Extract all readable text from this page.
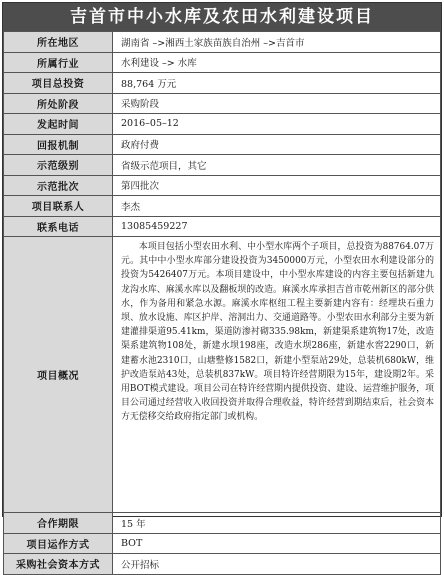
吉首市中小水库及农田水利建设项目
所在地区	湖南省 –>湘西土家族苗族自治州 –>吉首市
所属行业	水利建设 –> 水库
项目总投资	88,764 万元
所处阶段	采购阶段
发起时间	2016–05–12
回报机制	政府付费
示范级别	省级示范项目，其它
示范批次	第四批次
项目联系人	李杰
联系电话	13085459227
项目概况	本项目包括小型农田水利、中小型水库两个子项目，总投资为88764.07万元。其中中小型水库部分建设投资为3450000万元，小型农田水利建设部分的投资为5426407万元。本项目建设中，中小型水库建设的内容主要包括新建九龙沟水库、麻溪水库以及翻板坝的改造。麻溪水库承担吉首市乾州新区的部分供水，作为备用和紧急水源。麻溪水库枢纽工程主要新建内容有：经埋块石重力坝、放水设施、库区护岸、溶洞出力、交通道路等。小型农田水利部分主要为新建灌排渠道95.41km，渠道防渗衬砌335.98km，新建渠系建筑物17处，改造渠系建筑物108处，新建水坝198座，改造水坝286座，新建水窖2290口，新建蓄水池2310口，山塘整修1582口，新建小型泵站29处，总装机680kW，维护改造泵站43处，总装机837kW。项目特许经营期限为15年，建设期2年。采用BOT模式建设。项目公司在特许经营期内提供投资、建设、运营维护服务，项目公司通过经营收入收回投资并取得合理收益，特许经营到期结束后，社会资本方无偿移交给政府指定部门或机构。
合作期限	15 年
项目运作方式	BOT
采购社会资本方式	公开招标
